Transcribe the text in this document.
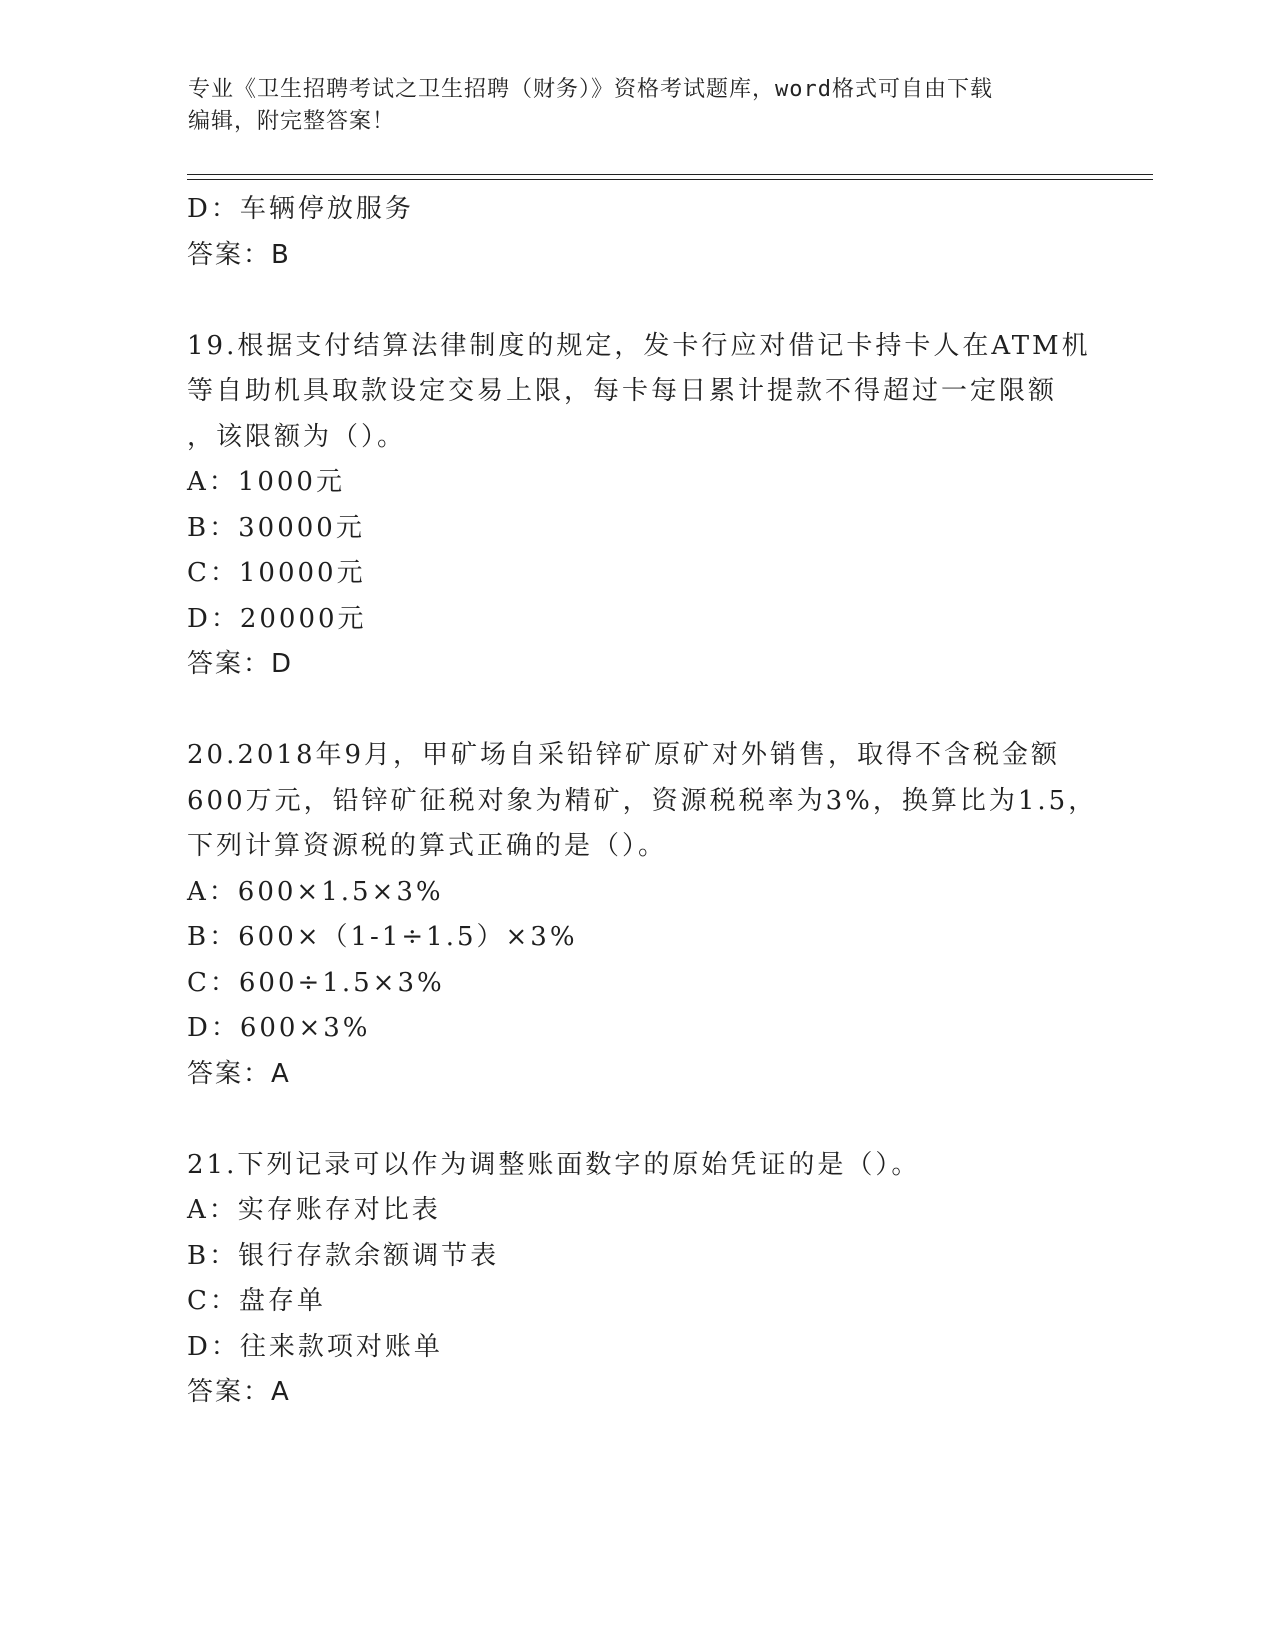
专业《卫生招聘考试之卫生招聘（财务）》资格考试题库，word格式可自由下载
编辑，附完整答案！
D：车辆停放服务
答案：B
19.根据支付结算法律制度的规定，发卡行应对借记卡持卡人在ATM机
等自助机具取款设定交易上限，每卡每日累计提款不得超过一定限额
，该限额为（）。
A：1000元
B：30000元
C：10000元
D：20000元
答案：D
20.2018年9月，甲矿场自采铅锌矿原矿对外销售，取得不含税金额
600万元，铅锌矿征税对象为精矿，资源税税率为3%，换算比为1.5，
下列计算资源税的算式正确的是（）。
A：600×1.5×3%
B：600×（1-1÷1.5）×3%
C：600÷1.5×3%
D：600×3%
答案：A
21.下列记录可以作为调整账面数字的原始凭证的是（）。
A：实存账存对比表
B：银行存款余额调节表
C：盘存单
D：往来款项对账单
答案：A
